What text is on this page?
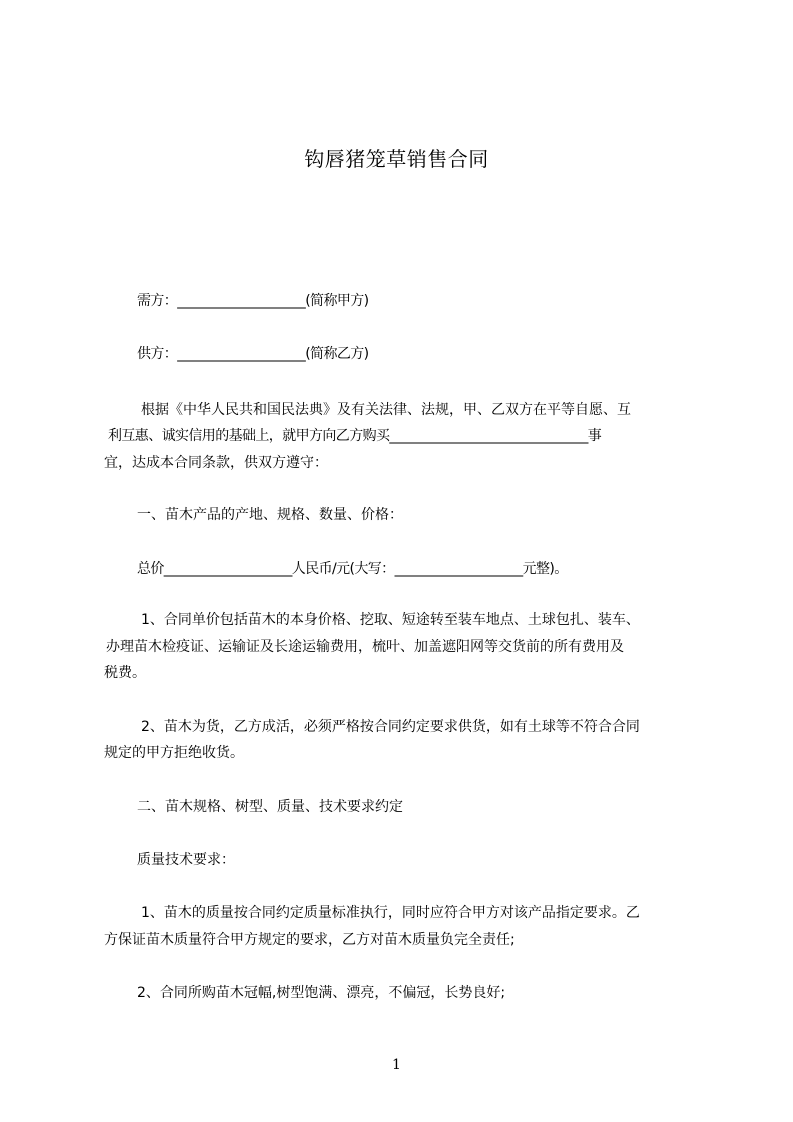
钩唇猪笼草销售合同
需方：____________________(简称甲方)
供方：____________________(简称乙方)
根据《中华人民共和国民法典》及有关法律、法规，甲、乙双方在平等自愿、互
利互惠、诚实信用的基础上，就甲方向乙方购买_______________________________事
宜，达成本合同条款，供双方遵守：
一、苗木产品的产地、规格、数量、价格：
总价____________________人民币/元(大写：____________________元整)。
1、合同单价包括苗木的本身价格、挖取、短途转至装车地点、土球包扎、装车、
办理苗木检疫证、运输证及长途运输费用，梳叶、加盖遮阳网等交货前的所有费用及
税费。
2、苗木为货，乙方成活，必须严格按合同约定要求供货，如有土球等不符合合同
规定的甲方拒绝收货。
二、苗木规格、树型、质量、技术要求约定
质量技术要求：
1、苗木的质量按合同约定质量标准执行，同时应符合甲方对该产品指定要求。乙
方保证苗木质量符合甲方规定的要求，乙方对苗木质量负完全责任;
2、合同所购苗木冠幅,树型饱满、漂亮，不偏冠，长势良好;
1
